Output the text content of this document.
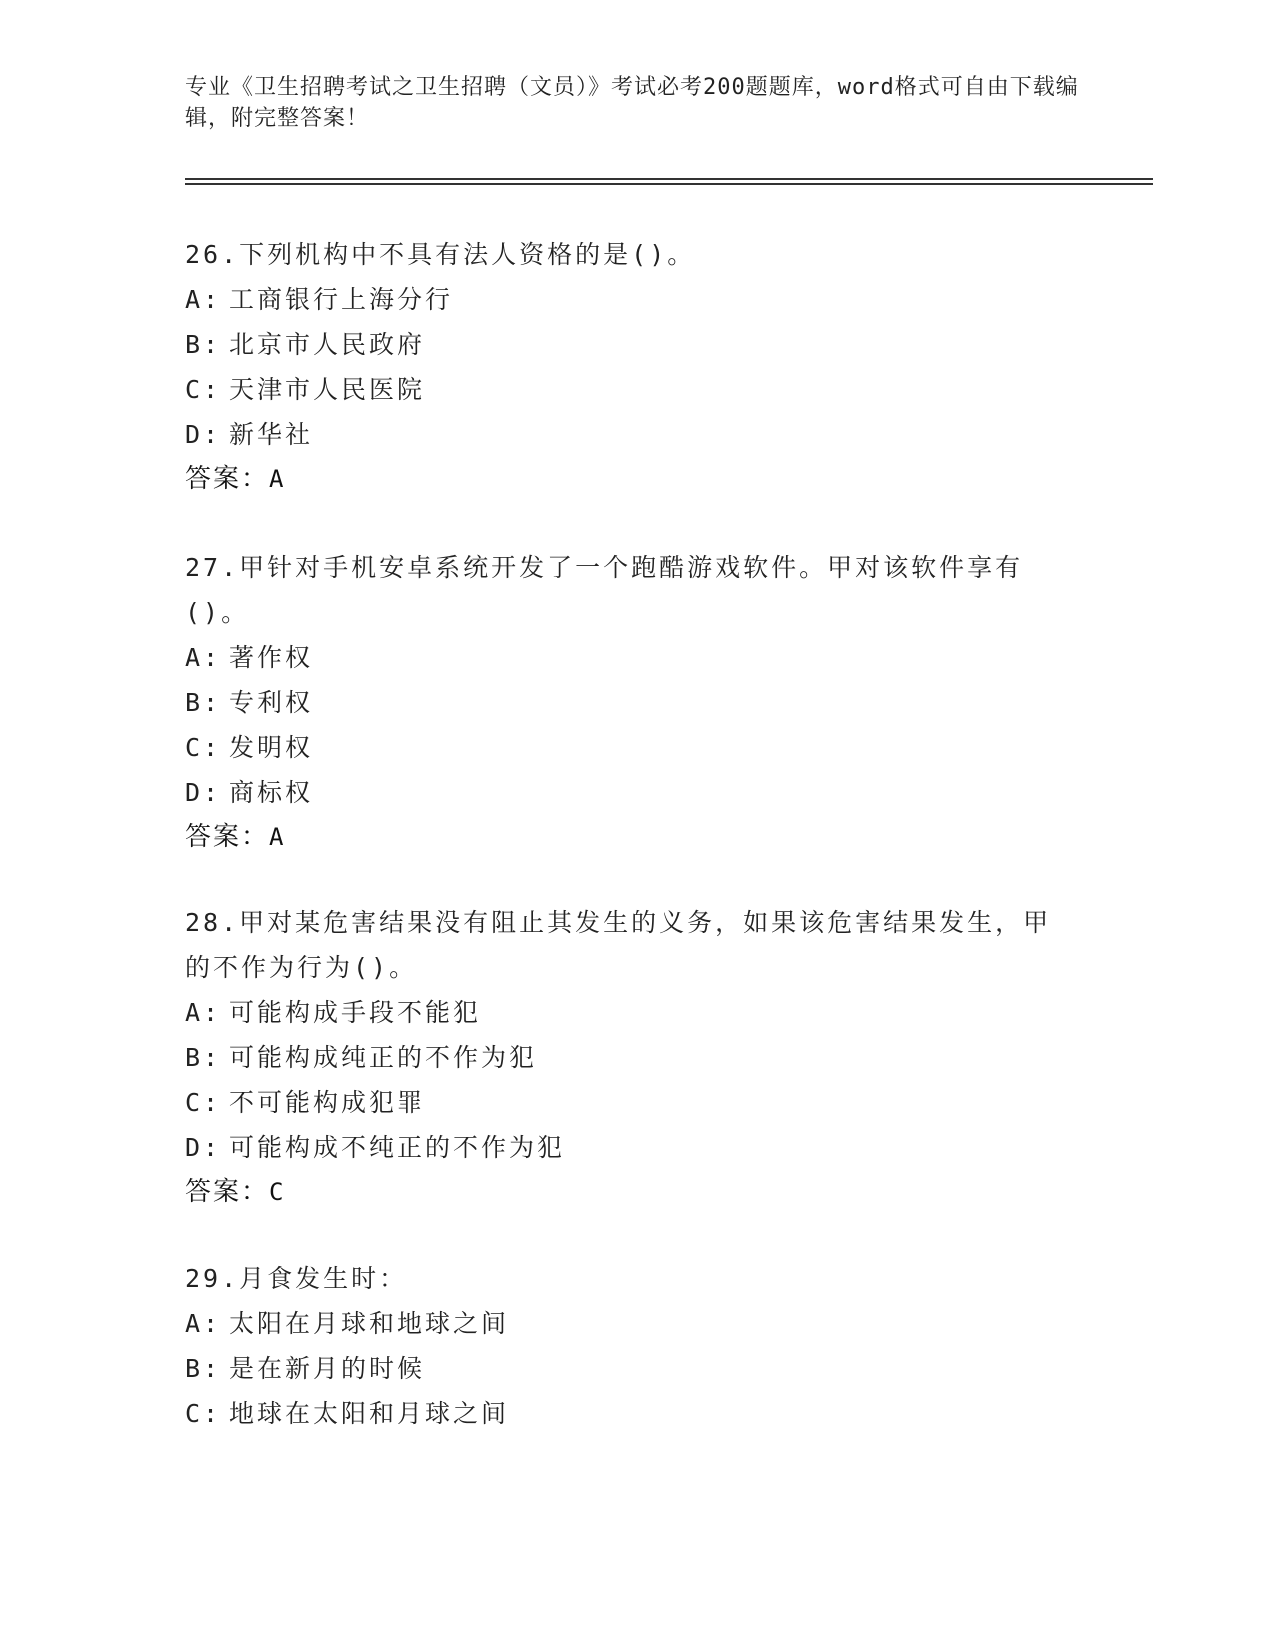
专业《卫生招聘考试之卫生招聘（文员）》考试必考200题题库，word格式可自由下载编辑，附完整答案！

26.下列机构中不具有法人资格的是()。

A: 工商银行上海分行

B: 北京市人民政府

C: 天津市人民医院

D: 新华社

答案：A

27.甲针对手机安卓系统开发了一个跑酷游戏软件。甲对该软件享有()。

A: 著作权

B: 专利权

C: 发明权

D: 商标权

答案：A

28.甲对某危害结果没有阻止其发生的义务，如果该危害结果发生，甲的不作为行为()。

A: 可能构成手段不能犯

B: 可能构成纯正的不作为犯

C: 不可能构成犯罪

D: 可能构成不纯正的不作为犯

答案：C

29.月食发生时：

A: 太阳在月球和地球之间

B: 是在新月的时候

C: 地球在太阳和月球之间
